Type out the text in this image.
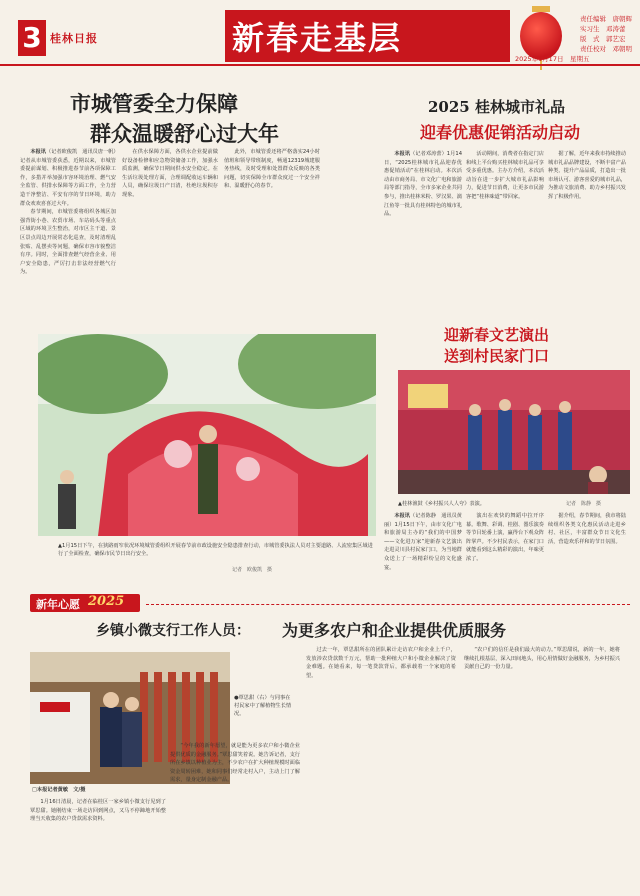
3 桂林日报	新春走基层	责任编辑　唐朝辉
实习生　邓涛蕾
版　式　郭艺宏
责任校对　邓朝明
2025年1月17日　星期五
市城管委全力保障
群众温暖舒心过大年

本报讯（记者欧俊凯　通讯员唐一帆）记者从市城管委获悉，近期以来，市城管委提前谋划、积极推进春节前各项保障工作，多措并举加强市容环境治理、燃气安全监管、供排水保障等方面工作，全力营造干净整洁、平安有序的节日环境，助力群众欢欢喜喜过大年。

春节期间，市城管委将组织各城区加强背街小巷、农贸市场、车站码头等重点区域的环境卫生整治，对市区主干道、景区景点周边开展常态化巡查，及时清理乱张贴、乱摆卖等问题，确保市容市貌整洁有序。同时，全面排查燃气经营企业、用户安全隐患，严厉打击非法经营燃气行为。

在供水保障方面，各供水企业提前做好设备检修和应急物资储备工作，加强水质监测，确保节日期间供水安全稳定。在生活垃圾处理方面，合理调配收运车辆和人员，确保垃圾日产日清，杜绝垃圾积存现象。

此外，市城管委还将严格落实24小时值班和领导带班制度，畅通12319城建服务热线，及时受理和处置群众反映的各类问题，切实保障全市群众度过一个安全祥和、温暖舒心的春节。

▲1月15日下午，在狭路雨窄状况环境城管委组织开展春节前市政设施安全隐患排查行动，市城管委执法人员对主要道路、人流密集区域进行了全面检查，确保市民节日出行安全。
记者　欧俊凯　摄
2025 桂林城市礼品
迎春优惠促销活动启动

本报讯（记者邓涛蕾）1月14日，“2025桂林城市礼品迎春优惠促销活动”在桂林启动。本次活动由市商务局、市文化广电和旅游局等部门指导，全市多家企业共同参与，推出桂林米粉、罗汉果、漓江鱼等一批具有桂林特色的城市礼品。

活动期间，消费者在指定门店和线上平台购买桂林城市礼品可享受多重优惠。主办方介绍，本次活动旨在进一步扩大城市礼品影响力，促进节日消费，让更多市民游客把“桂林味道”带回家。

据了解，近年来我市持续推动城市礼品品牌建设，不断丰富产品种类、提升产品品质，打造出一批市场认可、游客喜爱的城市礼品，为推动文旅消费、助力乡村振兴发挥了积极作用。

迎新春文艺演出
送到村民家门口
▲桂林渔鼓《乡村振兴人人夸》表演。	记者　陈静　摄

本报讯（记者陈静　通讯员黄丽）1月15日下午，由市文化广电和旅游局主办的“我们的中国梦——文化进万家”迎新春文艺演出走进灵川县村民家门口，为当地群众送上了一场精彩纷呈的文化盛宴。

演出在欢快的舞蹈中拉开序幕。歌舞、彩调、桂剧、器乐演奏等节目轮番上演，赢得台下观众阵阵掌声。不少村民表示，在家门口就能看到这么精彩的演出，年味更浓了。

据介绍，春节期间，我市将陆续组织各类文化惠民活动走进乡村、社区，丰富群众节日文化生活，营造欢乐祥和的节日氛围。

新年心愿 2025
乡镇小微支行工作人员： 为更多农户和企业提供优质服务
●覃思甜（右）与同事在村民家中了解植物生长情况。
□本报记者黄敏　文/摄

1月16日清晨，记者在临桂区一家乡镇小微支行见到了覃思甜。她刚结束一场走访回到网点，又马不停蹄地开始整理当天收集的农户贷款需求资料。

“今年我的新年愿望，就是能为更多农户和小微企业提供优质的金融服务。”覃思甜笑着说。她告诉记者，支行所在乡镇以种植业为主，不少农户在扩大种植规模时面临资金周转困难，她和同事们经常走村入户，主动上门了解需求，量身定制金融产品。

过去一年，覃思甜所在的团队累计走访农户和企业上千户，发放涉农贷款数千万元，帮助一批种植大户和小微企业解决了资金难题。在她看来，每一笔贷款背后，都承载着一个家庭的希望。

“农户们的信任是我们最大的动力。”覃思甜说，新的一年，她将继续扎根基层，深入田间地头，用心用情做好金融服务，为乡村振兴贡献自己的一份力量。
